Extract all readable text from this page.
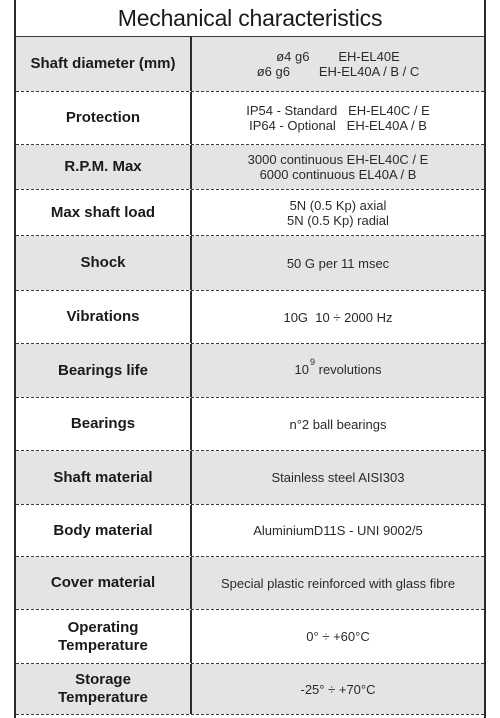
Mechanical characteristics
Shaft diameter (mm)	ø4 g6        EH-EL40E
ø6 g6        EH-EL40A / B / C
Protection	IP54 - Standard   EH-EL40C / E
IP64 - Optional   EH-EL40A / B
R.P.M. Max	3000 continuous EH-EL40C / E
6000 continuous EL40A / B
Max shaft load	5N (0.5 Kp) axial
5N (0.5 Kp) radial
Shock	50 G per 11 msec
Vibrations	10G  10 ÷ 2000 Hz
Bearings life	$10^9$ revolutions
Bearings	n°2 ball bearings
Shaft material	Stainless steel AISI303
Body material	AluminiumD11S - UNI 9002/5
Cover material	Special plastic reinforced with glass fibre
Operating
Temperature	0° ÷ +60°C
Storage
Temperature	-25° ÷ +70°C
